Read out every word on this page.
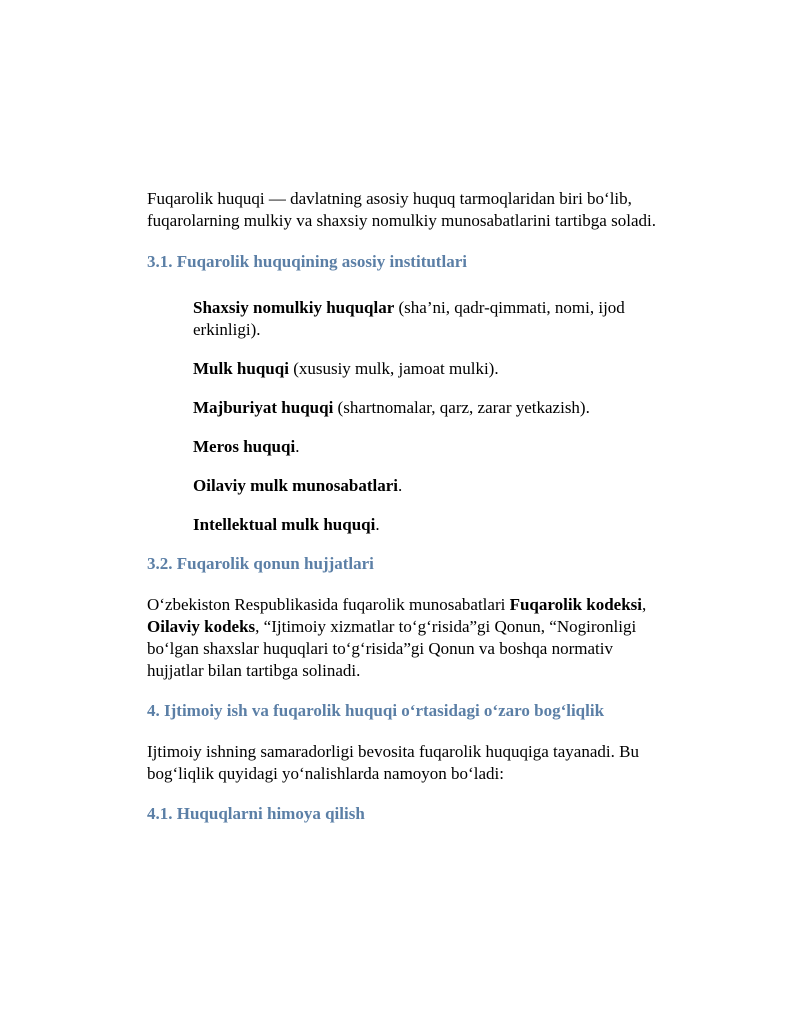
Fuqarolik huquqi — davlatning asosiy huquq tarmoqlaridan biri bo‘lib, fuqarolarning mulkiy va shaxsiy nomulkiy munosabatlarini tartibga soladi.

3.1. Fuqarolik huquqining asosiy institutlari
Shaxsiy nomulkiy huquqlar (sha’ni, qadr-qimmati, nomi, ijod erkinligi).
Mulk huquqi (xususiy mulk, jamoat mulki).
Majburiyat huquqi (shartnomalar, qarz, zarar yetkazish).
Meros huquqi.
Oilaviy mulk munosabatlari.
Intellektual mulk huquqi.
3.2. Fuqarolik qonun hujjatlari

O‘zbekiston Respublikasida fuqarolik munosabatlari Fuqarolik kodeksi, Oilaviy kodeks, “Ijtimoiy xizmatlar to‘g‘risida”gi Qonun, “Nogironligi bo‘lgan shaxslar huquqlari to‘g‘risida”gi Qonun va boshqa normativ hujjatlar bilan tartibga solinadi.

4. Ijtimoiy ish va fuqarolik huquqi o‘rtasidagi o‘zaro bog‘liqlik

Ijtimoiy ishning samaradorligi bevosita fuqarolik huquqiga tayanadi. Bu bog‘liqlik quyidagi yo‘nalishlarda namoyon bo‘ladi:

4.1. Huquqlarni himoya qilish
